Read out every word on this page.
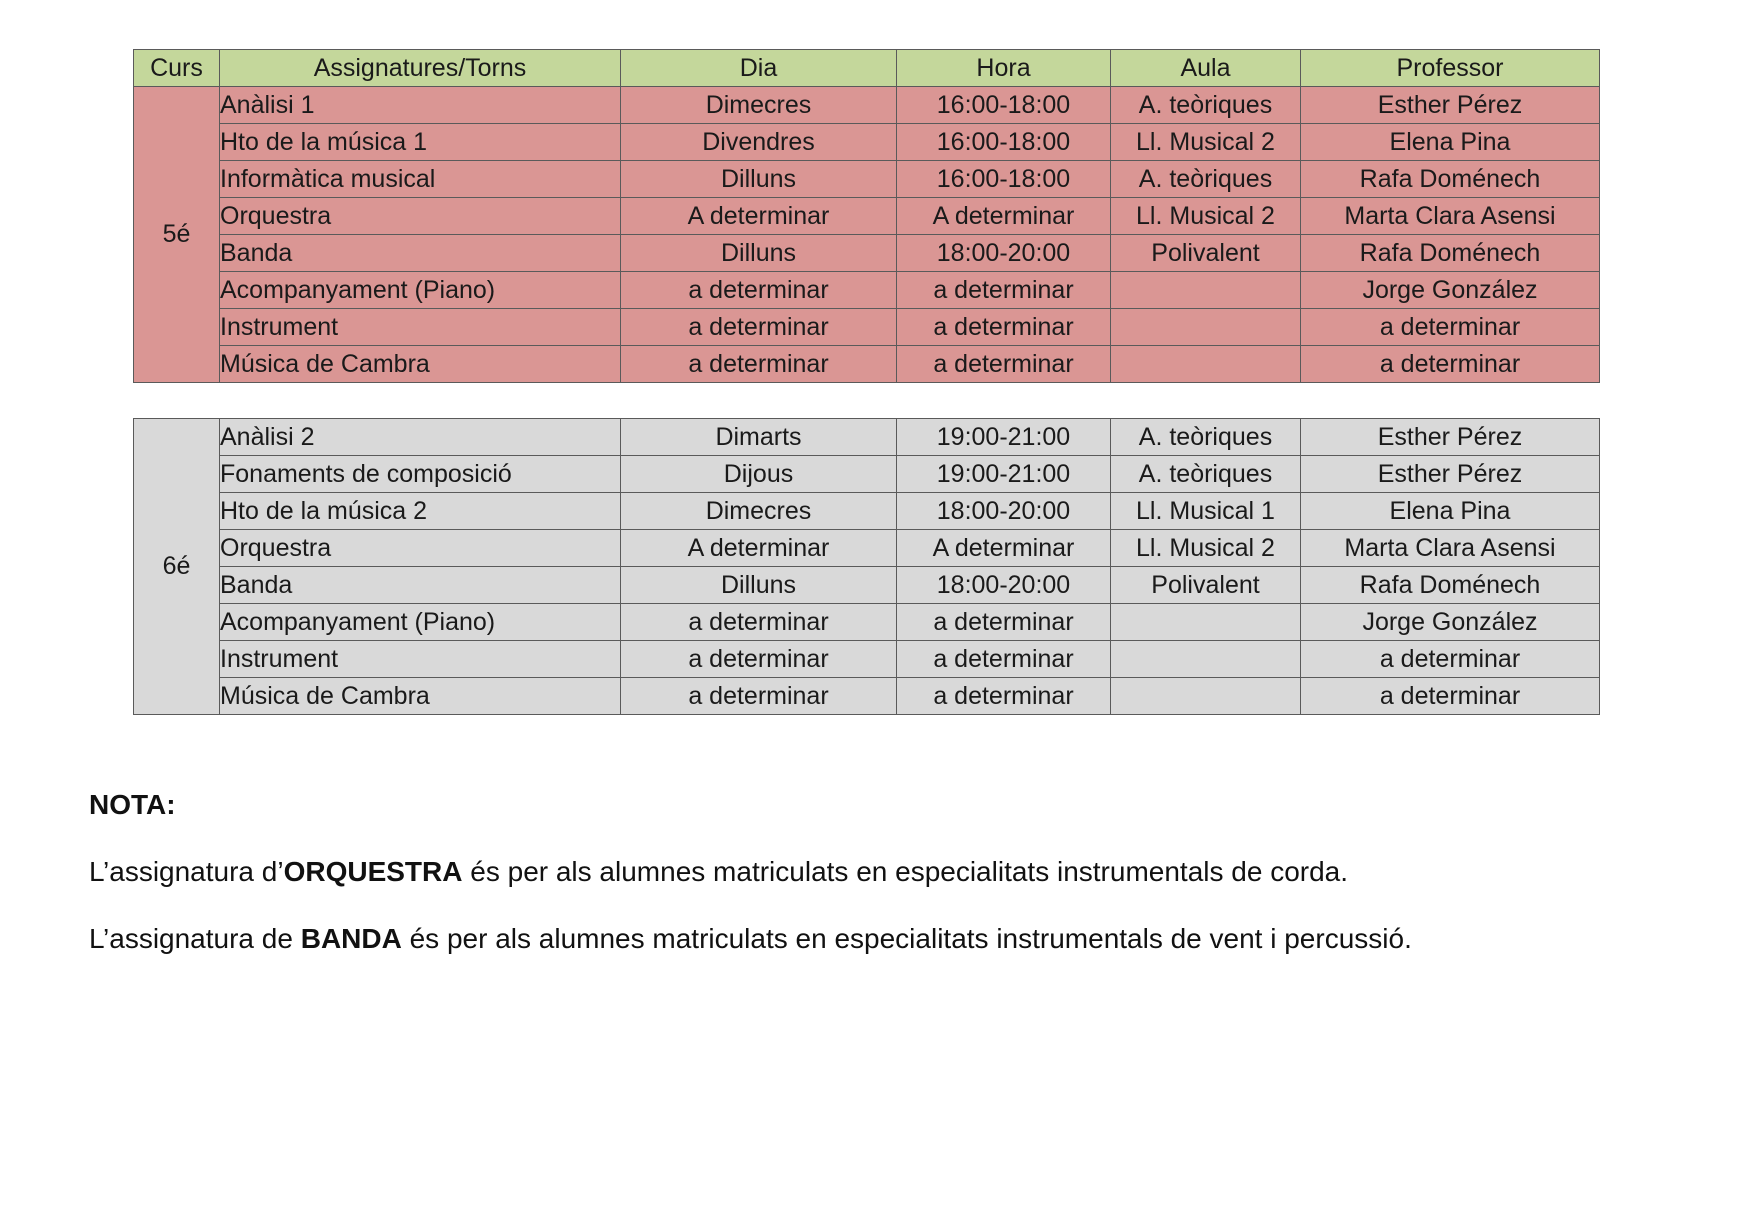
Curs	Assignatures/Torns	Dia	Hora	Aula	Professor
5é	Anàlisi 1	Dimecres	16:00-18:00	A. teòriques	Esther Pérez
	Hto de la música 1	Divendres	16:00-18:00	Ll. Musical 2	Elena Pina
	Informàtica musical	Dilluns	16:00-18:00	A. teòriques	Rafa Doménech
	Orquestra	A determinar	A determinar	Ll. Musical 2	Marta Clara Asensi
	Banda	Dilluns	18:00-20:00	Polivalent	Rafa Doménech
	Acompanyament (Piano)	a determinar	a determinar		Jorge González
	Instrument	a determinar	a determinar		a determinar
	Música de Cambra	a determinar	a determinar		a determinar
6é	Anàlisi 2	Dimarts	19:00-21:00	A. teòriques	Esther Pérez
	Fonaments de composició	Dijous	19:00-21:00	A. teòriques	Esther Pérez
	Hto de la música 2	Dimecres	18:00-20:00	Ll. Musical 1	Elena Pina
	Orquestra	A determinar	A determinar	Ll. Musical 2	Marta Clara Asensi
	Banda	Dilluns	18:00-20:00	Polivalent	Rafa Doménech
	Acompanyament (Piano)	a determinar	a determinar		Jorge González
	Instrument	a determinar	a determinar		a determinar
	Música de Cambra	a determinar	a determinar		a determinar
NOTA:
L’assignatura d’ORQUESTRA és per als alumnes matriculats en especialitats instrumentals de corda.
L’assignatura de BANDA és per als alumnes matriculats en especialitats instrumentals de vent i percussió.
